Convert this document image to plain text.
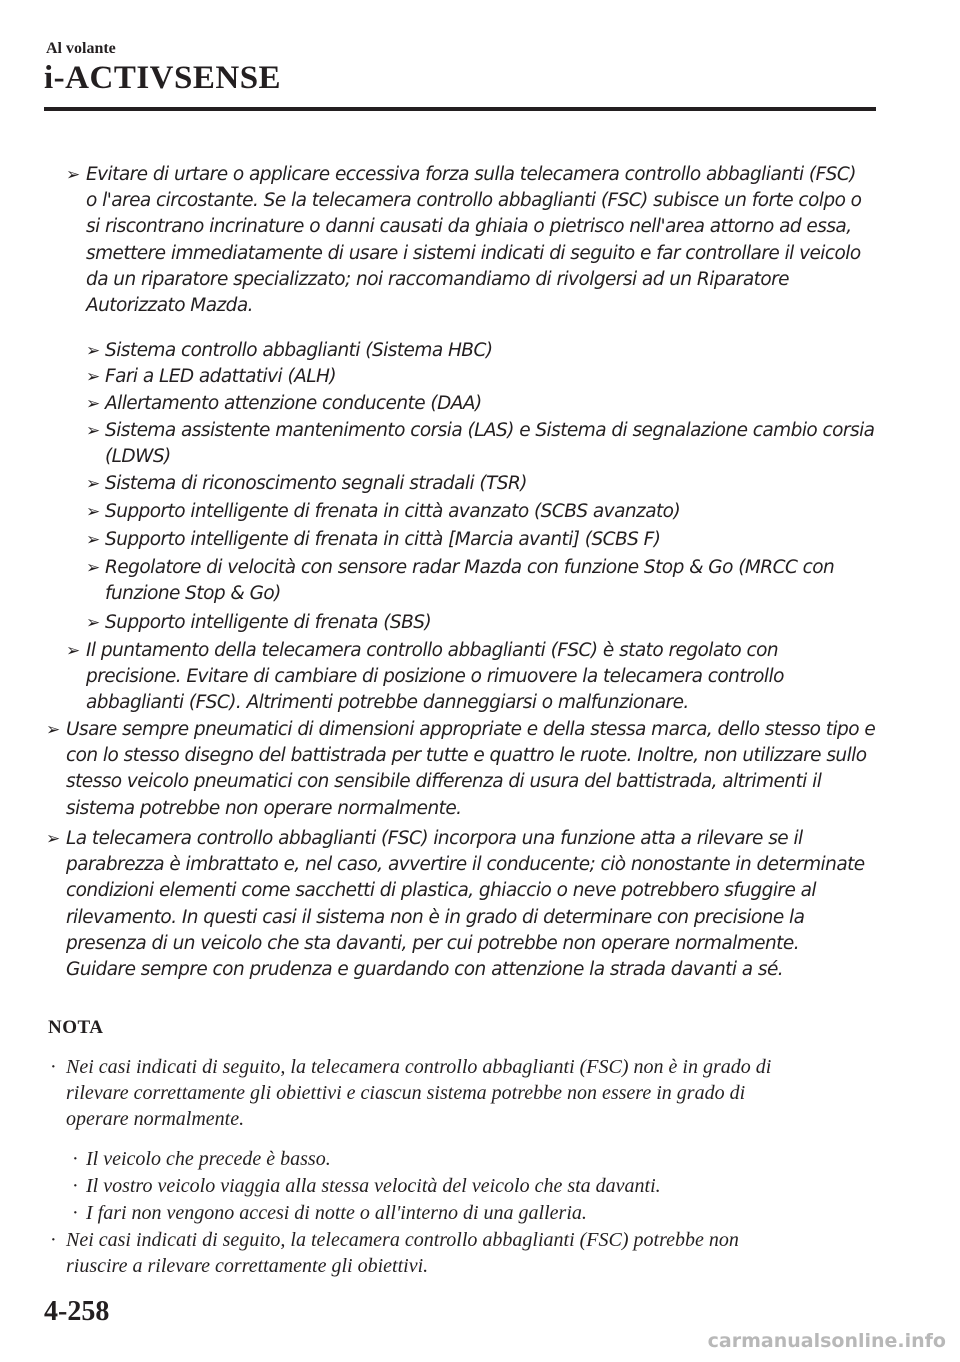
Al volante
i-ACTIVSENSE
➢ Evitare di urtare o applicare eccessiva forza sulla telecamera controllo abbaglianti (FSC)
o l'area circostante. Se la telecamera controllo abbaglianti (FSC) subisce un forte colpo o
si riscontrano incrinature o danni causati da ghiaia o pietrisco nell'area attorno ad essa,
smettere immediatamente di usare i sistemi indicati di seguito e far controllare il veicolo
da un riparatore specializzato; noi raccomandiamo di rivolgersi ad un Riparatore
Autorizzato Mazda.
➢ Sistema controllo abbaglianti (Sistema HBC)
➢ Fari a LED adattativi (ALH)
➢ Allertamento attenzione conducente (DAA)
➢ Sistema assistente mantenimento corsia (LAS) e Sistema di segnalazione cambio corsia
(LDWS)
➢ Sistema di riconoscimento segnali stradali (TSR)
➢ Supporto intelligente di frenata in città avanzato (SCBS avanzato)
➢ Supporto intelligente di frenata in città [Marcia avanti] (SCBS F)
➢ Regolatore di velocità con sensore radar Mazda con funzione Stop & Go (MRCC con
funzione Stop & Go)
➢ Supporto intelligente di frenata (SBS)
➢ Il puntamento della telecamera controllo abbaglianti (FSC) è stato regolato con
precisione. Evitare di cambiare di posizione o rimuovere la telecamera controllo
abbaglianti (FSC). Altrimenti potrebbe danneggiarsi o malfunzionare.
➢ Usare sempre pneumatici di dimensioni appropriate e della stessa marca, dello stesso tipo e
con lo stesso disegno del battistrada per tutte e quattro le ruote. Inoltre, non utilizzare sullo
stesso veicolo pneumatici con sensibile differenza di usura del battistrada, altrimenti il
sistema potrebbe non operare normalmente.
➢ La telecamera controllo abbaglianti (FSC) incorpora una funzione atta a rilevare se il
parabrezza è imbrattato e, nel caso, avvertire il conducente; ciò nonostante in determinate
condizioni elementi come sacchetti di plastica, ghiaccio o neve potrebbero sfuggire al
rilevamento. In questi casi il sistema non è in grado di determinare con precisione la
presenza di un veicolo che sta davanti, per cui potrebbe non operare normalmente.
Guidare sempre con prudenza e guardando con attenzione la strada davanti a sé.
NOTA
· Nei casi indicati di seguito, la telecamera controllo abbaglianti (FSC) non è in grado di
rilevare correttamente gli obiettivi e ciascun sistema potrebbe non essere in grado di
operare normalmente.
· Il veicolo che precede è basso.
· Il vostro veicolo viaggia alla stessa velocità del veicolo che sta davanti.
· I fari non vengono accesi di notte o all'interno di una galleria.
· Nei casi indicati di seguito, la telecamera controllo abbaglianti (FSC) potrebbe non
riuscire a rilevare correttamente gli obiettivi.
4-258
carmanualsonline.info
